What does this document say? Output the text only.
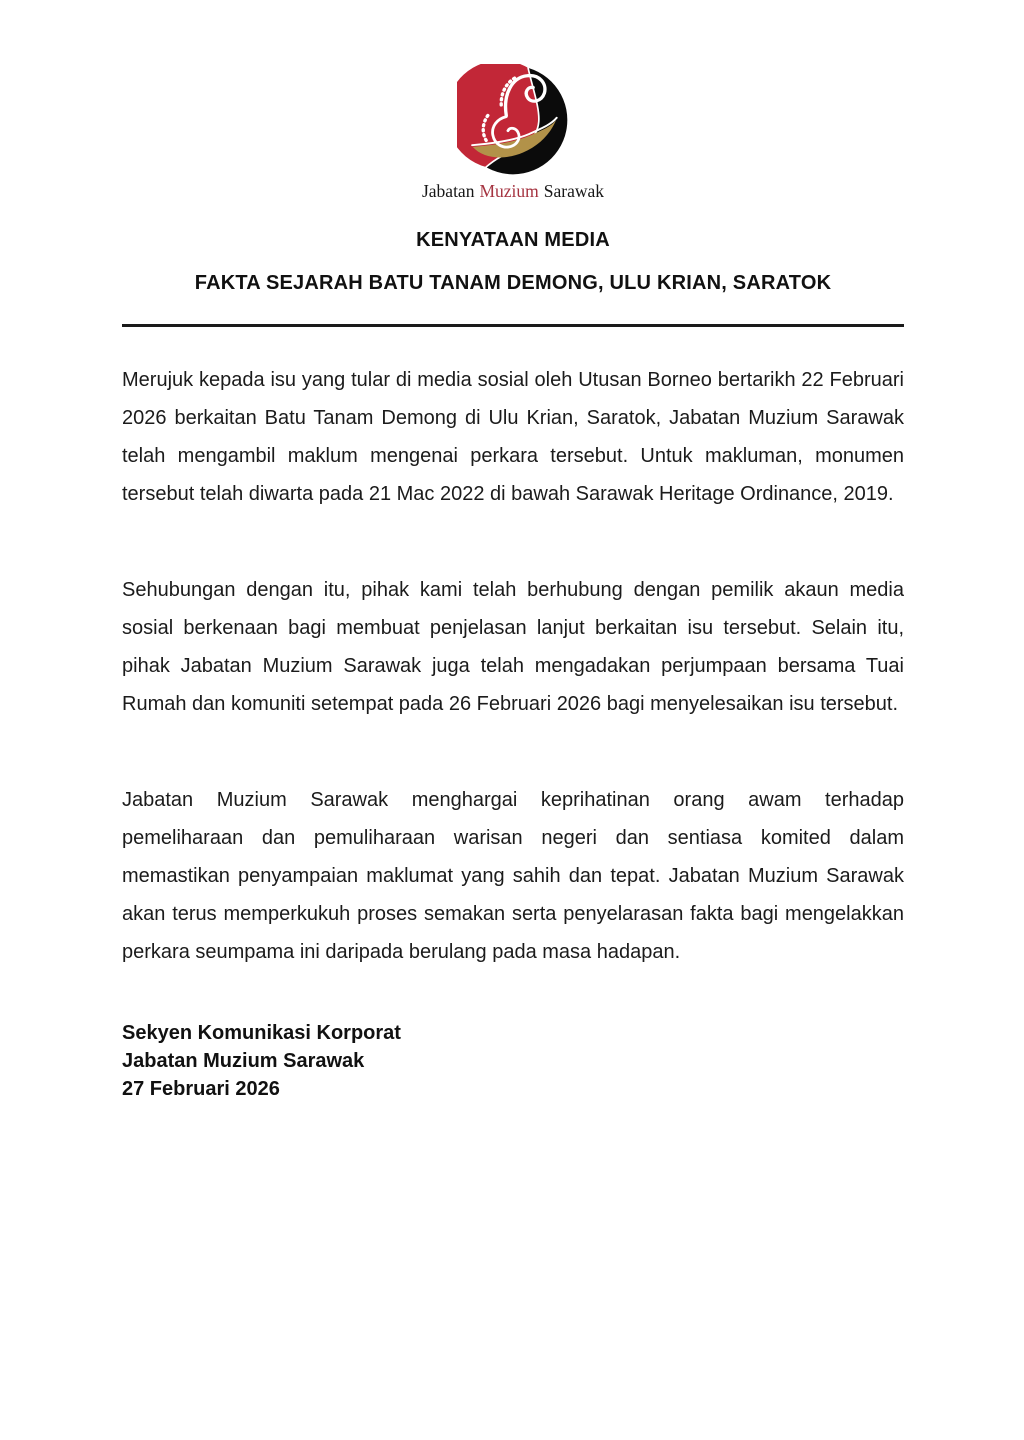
Jabatan Muzium Sarawak
KENYATAAN MEDIA
FAKTA SEJARAH BATU TANAM DEMONG, ULU KRIAN, SARATOK

Merujuk kepada isu yang tular di media sosial oleh Utusan Borneo bertarikh 22 Februari 2026 berkaitan Batu Tanam Demong di Ulu Krian, Saratok, Jabatan Muzium Sarawak telah mengambil maklum mengenai perkara tersebut. Untuk makluman, monumen tersebut telah diwarta pada 21 Mac 2022 di bawah Sarawak Heritage Ordinance, 2019.

Sehubungan dengan itu, pihak kami telah berhubung dengan pemilik akaun media sosial berkenaan bagi membuat penjelasan lanjut berkaitan isu tersebut. Selain itu, pihak Jabatan Muzium Sarawak juga telah mengadakan perjumpaan bersama Tuai Rumah dan komuniti setempat pada 26 Februari 2026 bagi menyelesaikan isu tersebut.

Jabatan Muzium Sarawak menghargai keprihatinan orang awam terhadap pemeliharaan dan pemuliharaan warisan negeri dan sentiasa komited dalam memastikan penyampaian maklumat yang sahih dan tepat. Jabatan Muzium Sarawak akan terus memperkukuh proses semakan serta penyelarasan fakta bagi mengelakkan perkara seumpama ini daripada berulang pada masa hadapan.

Sekyen Komunikasi Korporat
Jabatan Muzium Sarawak
27 Februari 2026
